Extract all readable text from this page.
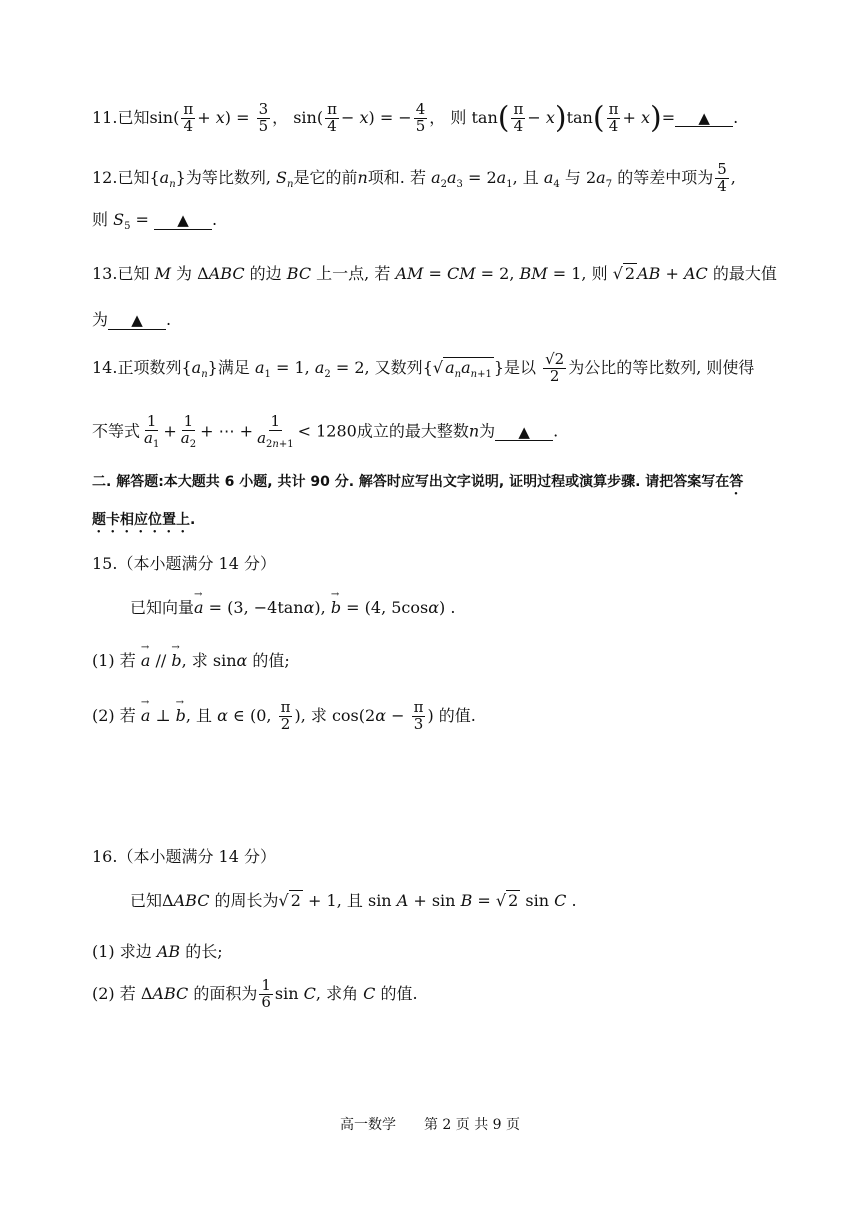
11.已知$\sin( \frac{\pi}{4} + x) = \frac{3}{5}$ ， $\sin( \frac{\pi}{4} - x)$ = − $\frac{4}{5}$ ， 则 $\tan( \frac{\pi}{4} - x)\tan( \frac{\pi}{4} + x)=$ ▲ .
12.已知$\{a_n\}$为等比数列, $S_n$是它的前n项和. 若 $a_2a_3 = 2a_1$, 且 $a_4$ 与 $2a_7$ 的等差中项为 $\frac{5}{4}$ ,
则 $S_5$ = ▲ .
13.已知 M 为 ΔABC 的边 BC 上一点, 若 AM = CM = 2, BM = 1, 则 √ 2 AB + AC 的最大值
为 ▲ .
14.正项数列$\{a_n\}$满足 $a_1 = 1$, $a_2 = 2$, 又数列{√ $a_na_{n+1}$ }是以 $\frac{√2}{2}$ 为公比的等比数列, 则使得
不等式 $\frac{1}{a_1} + \frac{1}{a_2}$ + ⋯ + $\frac{1}{a_{2n+1}} < 1280$成立的最大整数n为 ▲ .
二. 解答题:本大题共 6 小题, 共计 90 分. 解答时应写出文字说明, 证明过程或演算步骤. 请把答案写在答
题卡相应位置上.
15.（本小题满分 14 分）
已知向量→ a = (3, −4tanα), → b = (4, 5cosα) .
(1) 若 → a // → b, 求 sinα 的值;
(2) 若 → a ⊥ → b, 且 α ∈ (0, $\frac{\pi}{2}$ ), 求 $\cos(2\alpha - \frac{\pi}{3}$ ) 的值.
16.（本小题满分 14 分）
已知ΔABC 的周长为√ 2 + 1, 且 sin A + sin B = √ 2 sin C .
(1) 求边 AB 的长;
(2) 若 ΔABC 的面积为 $\frac{1}{6}$ sin C, 求角 C 的值.
高一数学　　第 2 页 共 9 页
